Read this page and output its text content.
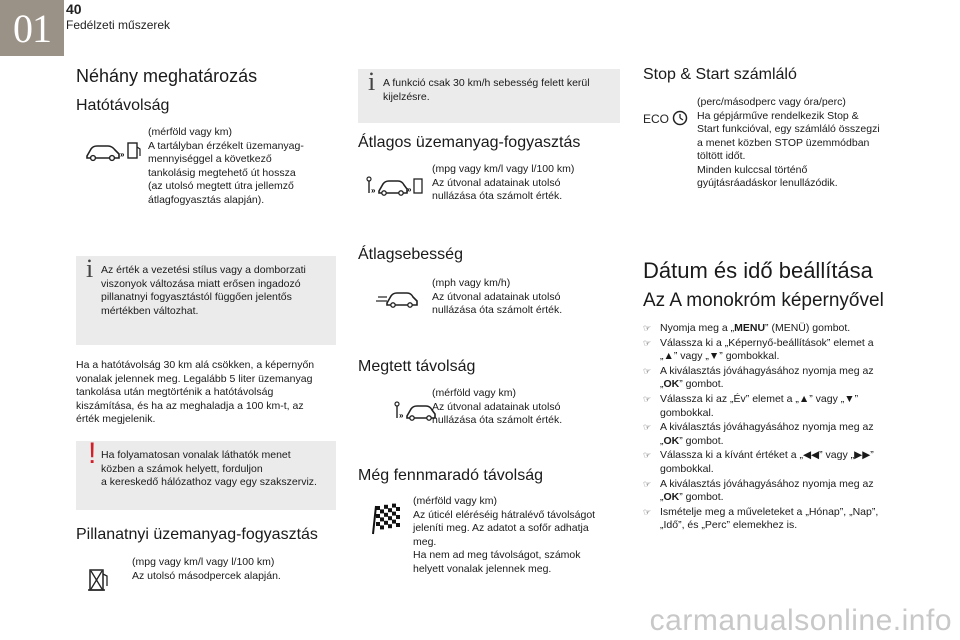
01	40
Fedélzeti műszerek
Néhány meghatározás
Hatótávolság
»
(mérföld vagy km)
A tartályban érzékelt üzemanyag-
mennyiséggel a következő
tankolásig megtehető út hossza
(az utolsó megtett útra jellemző
átlagfogyasztás alapján).

i Az érték a vezetési stílus vagy a domborzati
viszonyok változása miatt erősen ingadozó
pillanatnyi fogyasztástól függően jelentős
mértékben változhat.

Ha a hatótávolság 30 km alá csökken, a képernyőn
vonalak jelennek meg. Legalább 5 liter üzemanyag
tankolása után megtörténik a hatótávolság
kiszámítása, és ha az meghaladja a 100 km-t, az
érték megjelenik.

! Ha folyamatosan vonalak láthatók menet
közben a számok helyett, forduljon
a kereskedő hálózathoz vagy egy szakszerviz.

Pillanatnyi üzemanyag-fogyasztás
(mpg vagy km/l vagy l/100 km)
Az utolsó másodpercek alapján.

i A funkció csak 30 km/h sebesség felett kerül
kijelzésre.

Átlagos üzemanyag-fogyasztás
»	»
(mpg vagy km/l vagy l/100 km)
Az útvonal adatainak utolsó
nullázása óta számolt érték.
Átlagsebesség
(mph vagy km/h)
Az útvonal adatainak utolsó
nullázása óta számolt érték.
Megtett távolság
»
(mérföld vagy km)
Az útvonal adatainak utolsó
nullázása óta számolt érték.
Még fennmaradó távolság
(mérföld vagy km)
Az úticél eléréséig hátralévő távolságot
jeleníti meg. Az adatot a sofőr adhatja
meg.
Ha nem ad meg távolságot, számok
helyett vonalak jelennek meg.
Stop & Start számláló
ECO
(perc/másodperc vagy óra/perc)
Ha gépjárműve rendelkezik Stop &
Start funkcióval, egy számláló összegzi
a menet közben STOP üzemmódban
töltött időt.
Minden kulccsal történő
gyújtásráadáskor lenullázódik.
Dátum és idő beállítása
Az A monokróm képernyővel
☞ Nyomja meg a „MENU” (MENÜ) gombot.
☞ Válassza ki a „Képernyő-beállítások” elemet a
„▲” vagy „▼” gombokkal.
☞ A kiválasztás jóváhagyásához nyomja meg az
„OK” gombot.
☞ Válassza ki az „Év” elemet a „▲” vagy „▼”
gombokkal.
☞ A kiválasztás jóváhagyásához nyomja meg az
„OK” gombot.
☞ Válassza ki a kívánt értéket a „◀◀” vagy „▶▶”
gombokkal.
☞ A kiválasztás jóváhagyásához nyomja meg az
„OK” gombot.
☞ Ismételje meg a műveleteket a „Hónap”, „Nap”,
„Idő”, és „Perc” elemekhez is.
carmanualsonline.info
